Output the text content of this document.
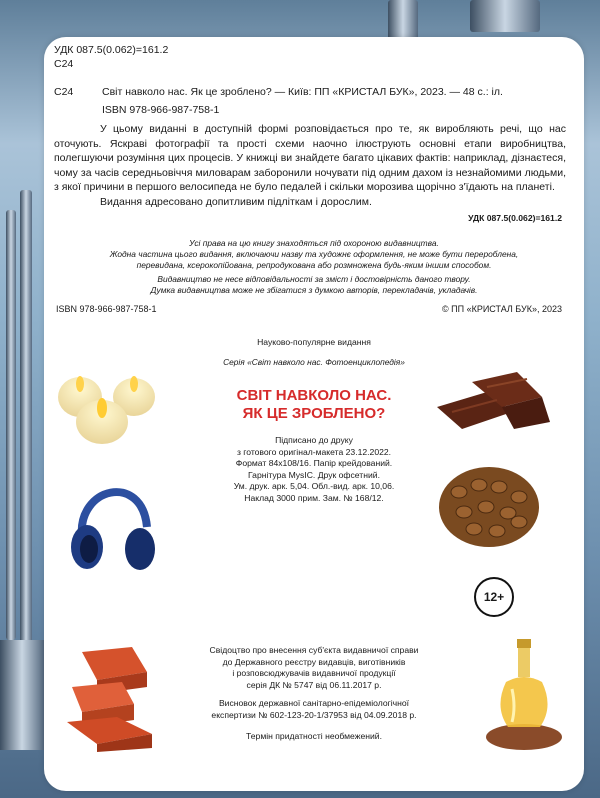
УДК 087.5(0.062)=161.2
С24
С24	Світ навколо нас. Як це зроблено? — Київ: ПП «КРИСТАЛ БУК», 2023. — 48 с.: іл.
ISBN 978-966-987-758-1
У цьому виданні в доступній формі розповідається про те, як виробляють речі, що нас оточують. Яскраві фотографії та прості схеми наочно ілюструють основні етапи виробництва, полегшуючи розуміння цих процесів. У книжці ви знайдете багато цікавих фактів: наприклад, дізнаєтеся, чому за часів середньовіччя миловарам заборонили ночувати під одним дахом із незнайомими людьми, з якої причини в першого велосипеда не було педалей і скільки морозива щорічно з'їдають на планеті.
Видання адресовано допитливим підліткам і дорослим.
УДК 087.5(0.062)=161.2
Усі права на цю книгу знаходяться під охороною видавництва.
Жодна частина цього видання, включаючи назву та художнє оформлення, не може бути перероблена,
перевидана, ксерокопійована, репродукована або розмножена будь-яким іншим способом.
Видавництво не несе відповідальності за зміст і достовірність даного твору.
Думка видавництва може не збігатися з думкою авторів, перекладачів, укладачів.
ISBN 978-966-987-758-1	© ПП «КРИСТАЛ БУК», 2023
Науково-популярне видання
Серія «Світ навколо нас. Фотоенциклопедія»
СВІТ НАВКОЛО НАС.
ЯК ЦЕ ЗРОБЛЕНО?
Підписано до друку
з готового оригінал-макета 23.12.2022.
Формат 84х108/16. Папір крейдований.
Гарнітура MysIC. Друк офсетний.
Ум. друк. арк. 5,04. Обл.-вид. арк. 10,06.
Наклад 3000 прим. Зам. № 168/12.
12+
Свідоцтво про внесення суб'єкта видавничої справи
до Державного реєстру видавців, виготівників
і розповсюджувачів видавничої продукції
серія ДК № 5747 від 06.11.2017 р.
Висновок державної санітарно-епідеміологічної
експертизи № 602-123-20-1/37953 від 04.09.2018 р.
Термін придатності необмежений.
